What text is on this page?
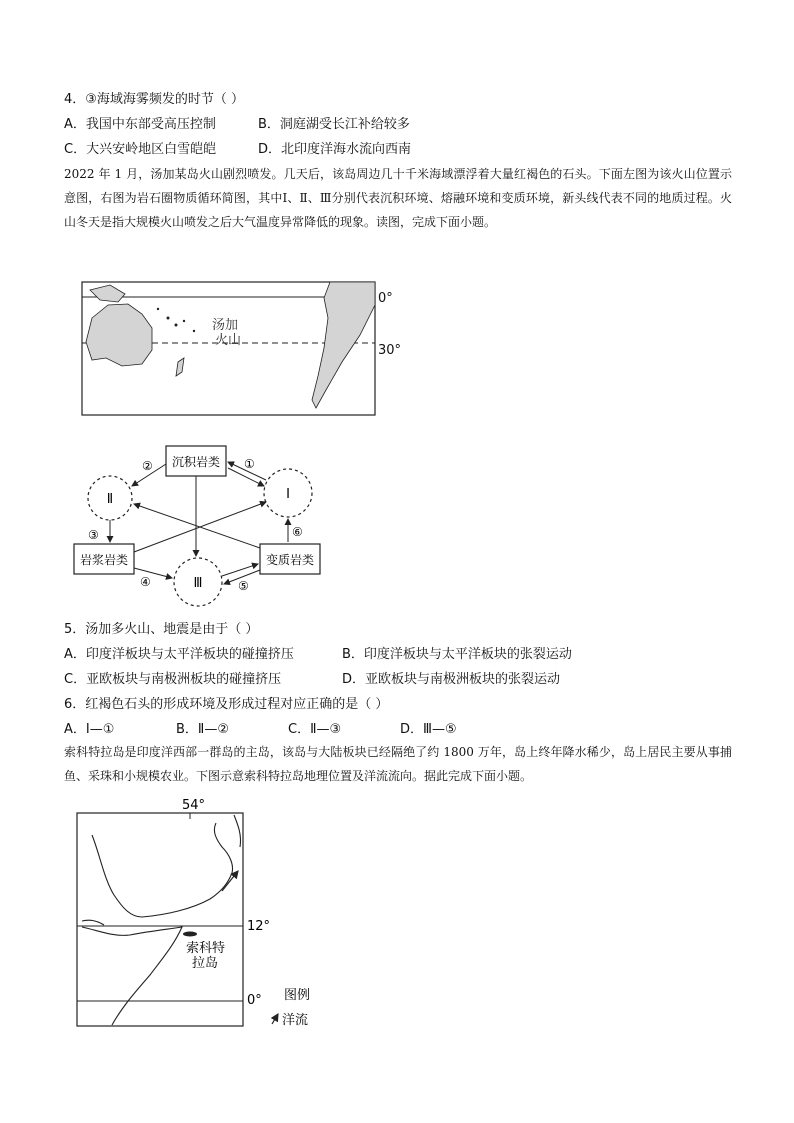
4．③海域海雾频发的时节（ ）
A．我国中东部受高压控制	B．洞庭湖受长江补给较多
C．大兴安岭地区白雪皑皑	D．北印度洋海水流向西南
2022 年 1 月，汤加某岛火山剧烈喷发。几天后，该岛周边几十千米海域漂浮着大量红褐色的石头。下面左图为该火山位置示意图，右图为岩石圈物质循环简图，其中Ⅰ、Ⅱ、Ⅲ分别代表沉积环境、熔融环境和变质环境，新头线代表不同的地质过程。火山冬天是指大规模火山喷发之后大气温度异常降低的现象。读图，完成下面小题。
0°
30°
汤加
火山
沉积岩类
岩浆岩类	变质岩类
Ⅱ	Ⅰ
Ⅲ
②	①
③	⑥
④	⑤
5．汤加多火山、地震是由于（ ）
A．印度洋板块与太平洋板块的碰撞挤压	B．印度洋板块与太平洋板块的张裂运动
C．亚欧板块与南极洲板块的碰撞挤压	D．亚欧板块与南极洲板块的张裂运动
6．红褐色石头的形成环境及形成过程对应正确的是（ ）
A．Ⅰ—①	B．Ⅱ—②	C．Ⅱ—③	D．Ⅲ—⑤
索科特拉岛是印度洋西部一群岛的主岛，该岛与大陆板块已经隔绝了约 1800 万年，岛上终年降水稀少，岛上居民主要从事捕鱼、采珠和小规模农业。下图示意索科特拉岛地理位置及洋流流向。据此完成下面小题。
54°
12°
0°
索科特
拉岛
图例
洋流
